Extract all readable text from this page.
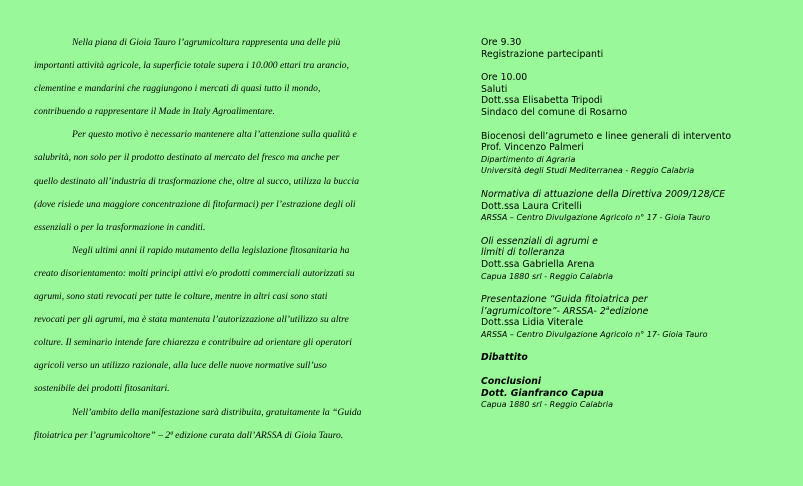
Nella piana di Gioia Tauro l’agrumicoltura rappresenta una delle più
importanti attività agricole, la superficie totale supera i 10.000 ettari tra arancio,
clementine e mandarini che raggiungono i mercati di quasi tutto il mondo,
contribuendo a rappresentare il Made in Italy Agroalimentare.

Per questo motivo è necessario mantenere alta l’attenzione sulla qualità e
salubrità, non solo per il prodotto destinato al mercato del fresco ma anche per
quello destinato all’industria di trasformazione che, oltre al succo, utilizza la buccia
(dove risiede una maggiore concentrazione di fitofarmaci) per l’estrazione degli oli
essenziali o per la trasformazione in canditi.

Negli ultimi anni il rapido mutamento della legislazione fitosanitaria ha
creato disorientamento: molti principi attivi e/o prodotti commerciali autorizzati su
agrumi, sono stati revocati per tutte le colture, mentre in altri casi sono stati
revocati per gli agrumi, ma è stata mantenuta l’autorizzazione all’utilizzo su altre
colture. Il seminario intende fare chiarezza e contribuire ad orientare gli operatori
agricoli verso un utilizzo razionale, alla luce delle nuove normative sull’uso
sostenibile dei prodotti fitosanitari.

Nell’ambito della manifestazione sarà distribuita, gratuitamente la “Guida
fitoiatrica per l’agrumicoltore” – 2ª edizione curata dall’ARSSA di Gioia Tauro.

Ore 9.30
Registrazione partecipanti
Ore 10.00
Saluti
Dott.ssa Elisabetta Tripodi
Sindaco del comune di Rosarno
Biocenosi dell’agrumeto e linee generali di intervento
Prof. Vincenzo Palmeri
Dipartimento di Agraria
Università degli Studi Mediterranea - Reggio Calabria
Normativa di attuazione della Direttiva 2009/128/CE
Dott.ssa Laura Critelli
ARSSA – Centro Divulgazione Agricolo n° 17 - Gioia Tauro
Oli essenziali di agrumi e
limiti di tolleranza
Dott.ssa Gabriella Arena
Capua 1880 srl - Reggio Calabria
Presentazione “Guida fitoiatrica per
l’agrumicoltore”- ARSSA- 2$^a$edizione
Dott.ssa Lidia Viterale
ARSSA – Centro Divulgazione Agricolo n° 17- Gioia Tauro
Dibattito
Conclusioni
Dott. Gianfranco Capua
Capua 1880 srl - Reggio Calabria
